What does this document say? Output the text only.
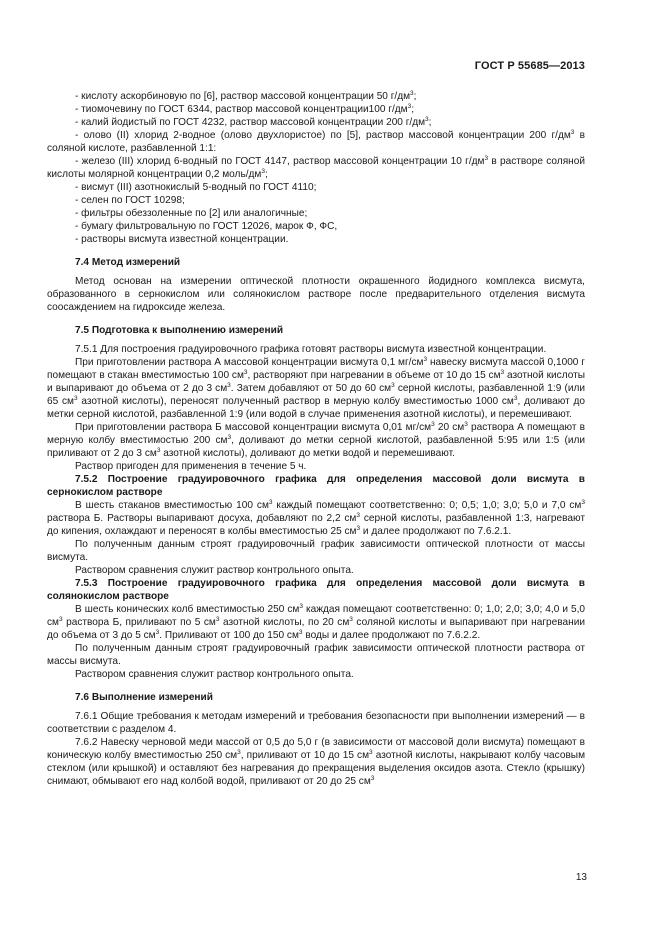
ГОСТ Р 55685—2013

- кислоту аскорбиновую по [6], раствор массовой концентрации 50 $г/дм^3$;

- тиомочевину по ГОСТ 6344, раствор массовой концентрации100 $г/дм^3$;

- калий йодистый по ГОСТ 4232, раствор массовой концентрации 200 $г/дм^3$;

- олово (II) хлорид 2-водное (олово двухлористое) по [5], раствор массовой концентрации 200 $г/дм^3$ в соляной кислоте, разбавленной 1:1:

- железо (III) хлорид 6-водный по ГОСТ 4147, раствор массовой концентрации 10 $г/дм^3$ в растворе соляной кислоты молярной концентрации 0,2 моль/$дм^3$;

- висмут (III) азотнокислый 5-водный по ГОСТ 4110;

- селен по ГОСТ 10298;

- фильтры обеззоленные по [2] или аналогичные;

- бумагу фильтровальную по ГОСТ 12026, марок Ф, ФС,

- растворы висмута известной концентрации.

7.4 Метод измерений

Метод основан на измерении оптической плотности окрашенного йодидного комплекса висмута, образованного в сернокислом или солянокислом растворе после предварительного отделения висмута соосаждением на гидроксиде железа.

7.5 Подготовка к выполнению измерений

7.5.1 Для построения градуировочного графика готовят растворы висмута известной концентрации.

При приготовлении раствора А массовой концентрации висмута 0,1 $мг/см^3$ навеску висмута массой 0,1000 г помещают в стакан вместимостью 100 $см^3$, растворяют при нагревании в объеме от 10 до 15 $см^3$ азотной кислоты и выпаривают до объема от 2 до 3 $см^3$. Затем добавляют от 50 до 60 $см^3$ серной кислоты, разбавленной 1:9 (или 65 $см^3$ азотной кислоты), переносят полученный раствор в мерную колбу вместимостью 1000 $см^3$, доливают до метки серной кислотой, разбавленной 1:9 (или водой в случае применения азотной кислоты), и перемешивают.

При приготовлении раствора Б массовой концентрации висмута 0,01 $мг/см^3$ 20 $см^3$ раствора А помещают в мерную колбу вместимостью 200 $см^3$, доливают до метки серной кислотой, разбавленной 5:95 или 1:5 (или приливают от 2 до 3 $см^3$ азотной кислоты), доливают до метки водой и перемешивают.

Раствор пригоден для применения в течение 5 ч.

7.5.2 Построение градуировочного графика для определения массовой доли висмута в сернокислом растворе

В шесть стаканов вместимостью 100 $см^3$ каждый помещают соответственно: 0; 0,5; 1,0; 3,0; 5,0 и 7,0 $см^3$ раствора Б. Растворы выпаривают досуха, добавляют по 2,2 $см^3$ серной кислоты, разбавленной 1:3, нагревают до кипения, охлаждают и переносят в колбы вместимостью 25 $см^3$ и далее продолжают по 7.6.2.1.

По полученным данным строят градуировочный график зависимости оптической плотности от массы висмута.

Раствором сравнения служит раствор контрольного опыта.

7.5.3 Построение градуировочного графика для определения массовой доли висмута в солянокислом растворе

В шесть конических колб вместимостью 250 $см^3$ каждая помещают соответственно: 0; 1,0; 2,0; 3,0; 4,0 и 5,0 $см^3$ раствора Б, приливают по 5 $см^3$ азотной кислоты, по 20 $см^3$ соляной кислоты и выпаривают при нагревании до объема от 3 до 5 $см^3$. Приливают от 100 до 150 $см^3$ воды и далее продолжают по 7.6.2.2.

По полученным данным строят градуировочный график зависимости оптической плотности раствора от массы висмута.

Раствором сравнения служит раствор контрольного опыта.

7.6 Выполнение измерений

7.6.1 Общие требования к методам измерений и требования безопасности при выполнении измерений — в соответствии с разделом 4.

7.6.2 Навеску черновой меди массой от 0,5 до 5,0 г (в зависимости от массовой доли висмута) помещают в коническую колбу вместимостью 250 $см^3$, приливают от 10 до 15 $см^3$ азотной кислоты, накрывают колбу часовым стеклом (или крышкой) и оставляют без нагревания до прекращения выделения оксидов азота. Стекло (крышку) снимают, обмывают его над колбой водой, приливают от 20 до 25 $см^3$

13
